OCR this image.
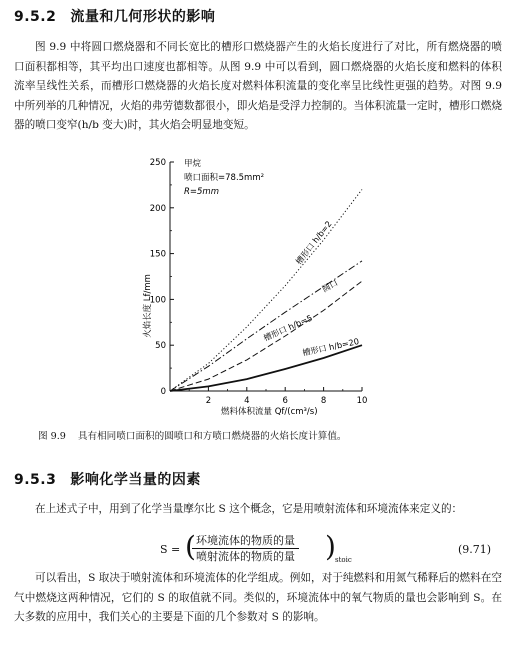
9.5.2 流量和几何形状的影响

图 9.9 中将圆口燃烧器和不同长宽比的槽形口燃烧器产生的火焰长度进行了对比，所有燃烧器的喷口面积都相等，其平均出口速度也都相等。从图 9.9 中可以看到，圆口燃烧器的火焰长度和燃料的体积流率呈线性关系，而槽形口燃烧器的火焰长度对燃料体积流量的变化率呈比线性更强的趋势。对图 9.9 中所列举的几种情况，火焰的弗劳德数都很小，即火焰是受浮力控制的。当体积流量一定时，槽形口燃烧器的喷口变窄(h/b 变大)时，其火焰会明显地变短。

2	4	6	8	10
0
50
100
150
200
250
槽形口 h/b=2
圆口
槽形口 h/b=5
槽形口 h/b=20
甲烷
喷口面积=78.5mm²
R=5mm
燃料体积流量 Qf/(cm³/s)
火焰长度 Lf/mm
图 9.9 具有相同喷口面积的圆喷口和方喷口燃烧器的火焰长度计算值。
9.5.3 影响化学当量的因素

在上述式子中，用到了化学当量摩尔比 S 这个概念，它是用喷射流体和环境流体来定义的：

S = ( 环境流体的物质的量
喷射流体的物质的量 ) stoic
(9.71)

可以看出，S 取决于喷射流体和环境流体的化学组成。例如，对于纯燃料和用氮气稀释后的燃料在空气中燃烧这两种情况，它们的 S 的取值就不同。类似的，环境流体中的氧气物质的量也会影响到 S。在大多数的应用中，我们关心的主要是下面的几个参数对 S 的影响。
